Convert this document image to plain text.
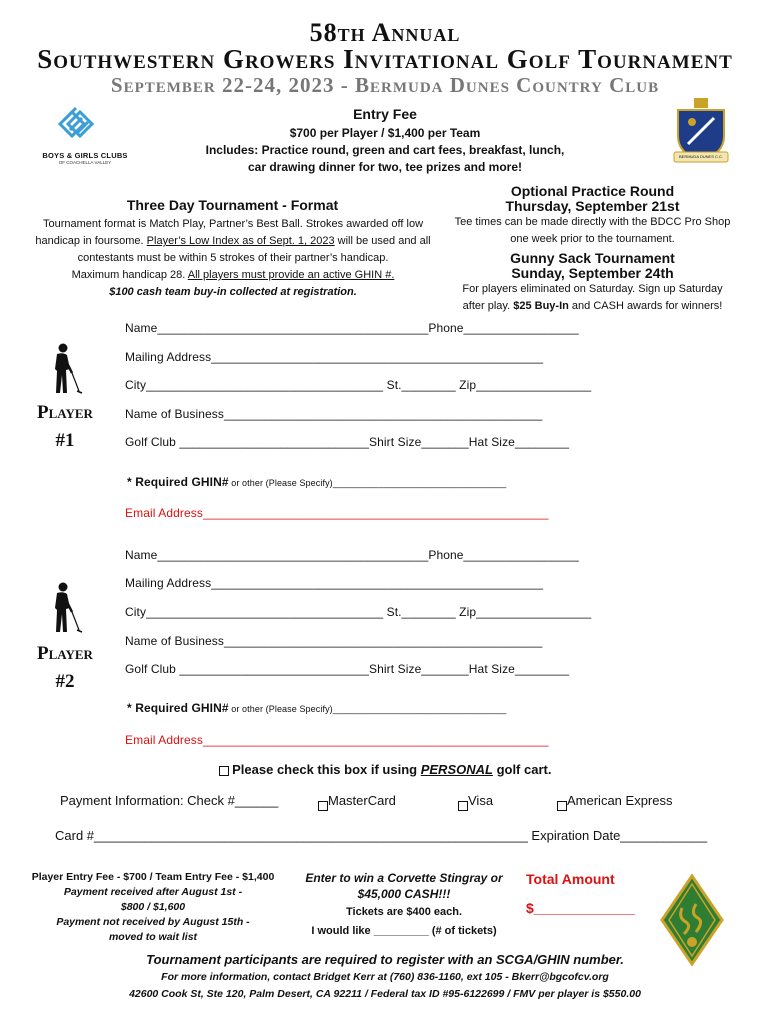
58th Annual
Southwestern Growers Invitational Golf Tournament
September 22-24, 2023 - Bermuda Dunes Country Club
BOYS & GIRLS CLUBS
OF COACHELLA VALLEY
BERMUDA DUNES C.C.
Entry Fee
$700 per Player / $1,400 per Team
Includes: Practice round, green and cart fees, breakfast, lunch,
car drawing dinner for two, tee prizes and more!
Three Day Tournament - Format
Tournament format is Match Play, Partner’s Best Ball. Strokes awarded off low
handicap in foursome. Player’s Low Index as of Sept. 1, 2023 will be used and all
contestants must be within 5 strokes of their partner’s handicap.
Maximum handicap 28. All players must provide an active GHIN #.
$100 cash team buy-in collected at registration.
Optional Practice Round
Thursday, September 21st
Tee times can be made directly with the BDCC Pro Shop
one week prior to the tournament.
Gunny Sack Tournament
Sunday, September 24th
For players eliminated on Saturday. Sign up Saturday
after play. $25 Buy-In and CASH awards for winners!
Player
#1
Name________________________________________Phone_________________
Mailing Address_________________________________________________
City___________________________________ St.________ Zip_________________
Name of Business_______________________________________________
Golf Club ____________________________Shirt Size_______Hat Size________
* Required GHIN# or other (Please Specify)__________________________________
Email Address___________________________________________________
Player
#2
Name________________________________________Phone_________________
Mailing Address_________________________________________________
City___________________________________ St.________ Zip_________________
Name of Business_______________________________________________
Golf Club ____________________________Shirt Size_______Hat Size________
* Required GHIN# or other (Please Specify)__________________________________
Email Address___________________________________________________
Please check this box if using PERSONAL golf cart.
Payment Information: Check #______	MasterCard	Visa	American Express
Card #____________________________________________________________ Expiration Date____________
Player Entry Fee - $700 / Team Entry Fee - $1,400
Payment received after August 1st -
$800 / $1,600
Payment not received by August 15th -
moved to wait list
Enter to win a Corvette Stingray or
$45,000 CASH!!!
Tickets are $400 each.
I would like _________ (# of tickets)
Total Amount
$_____________
Tournament participants are required to register with an SCGA/GHIN number.
For more information, contact Bridget Kerr at (760) 836-1160, ext 105 - Bkerr@bgcofcv.org
42600 Cook St, Ste 120, Palm Desert, CA 92211 / Federal tax ID #95-6122699 / FMV per player is $550.00
